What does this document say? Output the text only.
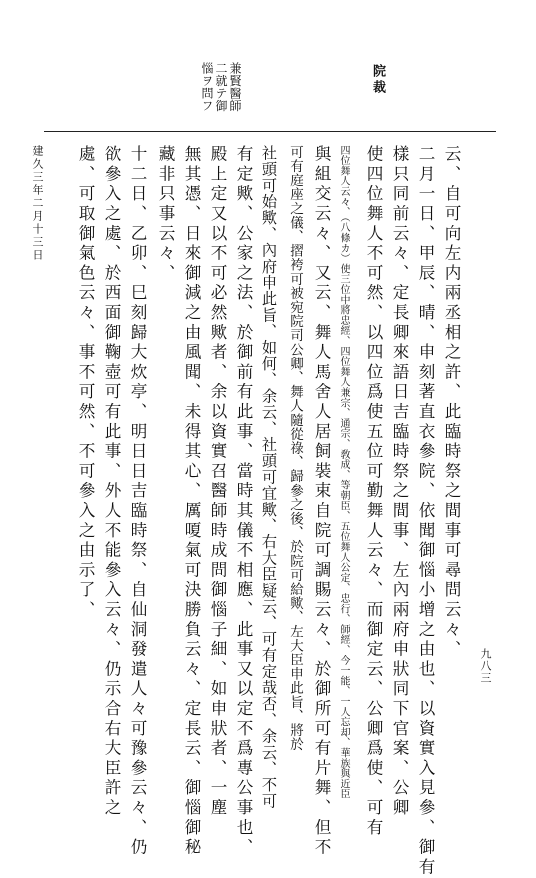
院裁
兼賢醫師
二就テ御
惱ヲ問フ
云、自可向左内兩丞相之許、此臨時祭之間事可尋問云々、
二月一日、甲辰、晴、申刻著直衣參院、依聞御惱小增之由也、以資實入見參、御有
樣只同前云々、定長卿來語日吉臨時祭之間事、左內兩府申狀同下官案、公卿
使四位舞人不可然、以四位爲使五位可勤舞人云々、而御定云、公卿爲使、可有
四位舞人云々、（八條カ）使三位中將忠經、四位舞人兼宗、通宗、敎成、等朝臣、五位舞人公定、忠行、師經、今一能、一人忘却、華族與近臣
與組交云々、又云、舞人馬舍人居飼裝束自院可調賜云々、於御所可有片舞、但不
可有庭座之儀、摺袴可被宛院司公卿、舞人隨從祿、歸參之後、於院可給歟、左大臣申此旨、將於
社頭可始歟、內府申此旨、如何、余云、社頭可宜歟、右大臣疑云、可有定哉否、余云、不可
有定歟、公家之法、於御前有此事、當時其儀不相應、此事又以定不爲專公事也、
殿上定又以不可必然歟者、余以資實召醫師時成問御惱子細、如申狀者、一塵
無其憑、日來御減之由風聞、未得其心、厲嗄氣可決勝負云々、定長云、御惱御秘
藏非只事云々、
十二日、乙卯、巳刻歸大炊亭、明日日吉臨時祭、自仙洞發遣人々可豫參云々、仍
欲參入之處、於西面御鞠壺可有此事、外人不能參入云々、仍示合右大臣許之
處、可取御氣色云々、事不可然、不可參入之由示了、
建久三年二月十三日
九八三
